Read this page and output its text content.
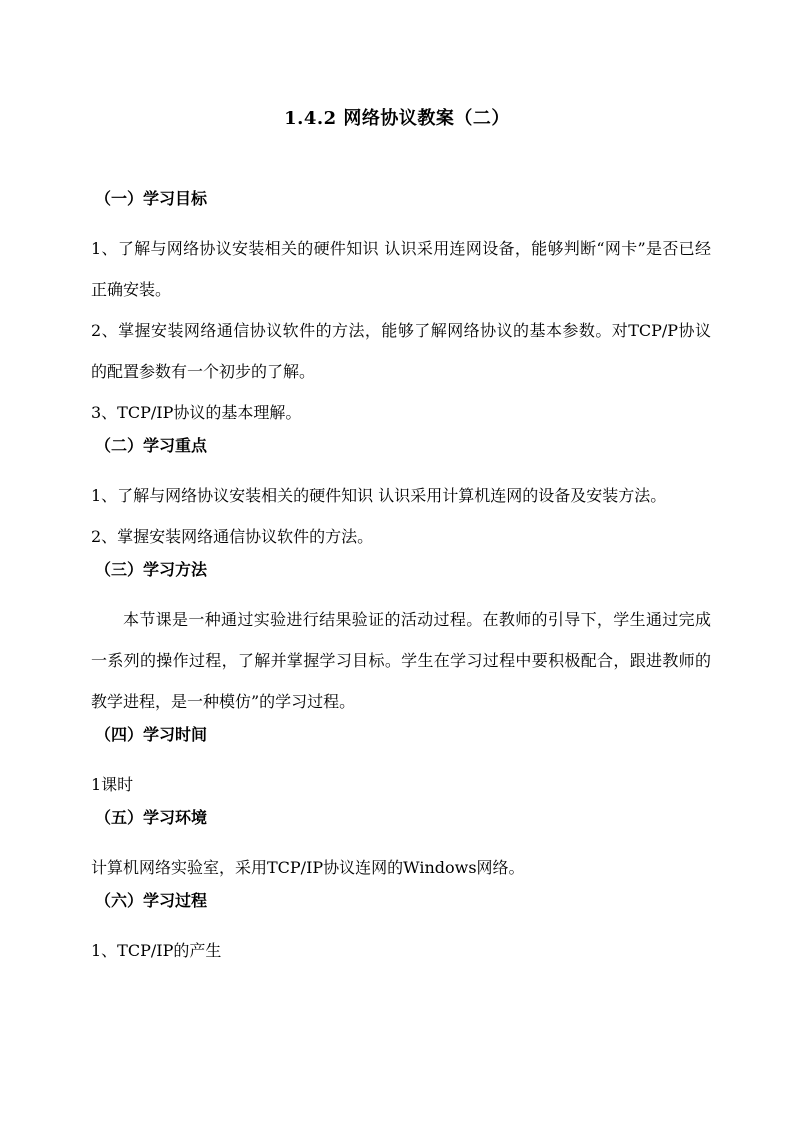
1.4.2 网络协议教案（二）
（一）学习目标

1、了解与网络协议安装相关的硬件知识 认识采用连网设备，能够判断“网卡”是否已经正确安装。

2、掌握安装网络通信协议软件的方法，能够了解网络协议的基本参数。对TCP/P协议的配置参数有一个初步的了解。

3、TCP/IP协议的基本理解。

（二）学习重点

1、了解与网络协议安装相关的硬件知识 认识采用计算机连网的设备及安装方法。

2、掌握安装网络通信协议软件的方法。

（三）学习方法

本节课是一种通过实验进行结果验证的活动过程。在教师的引导下，学生通过完成一系列的操作过程，了解并掌握学习目标。学生在学习过程中要积极配合，跟进教师的教学进程，是一种模仿”的学习过程。

（四）学习时间

1课时

（五）学习环境

计算机网络实验室，采用TCP/IP协议连网的Windows网络。

（六）学习过程

1、TCP/IP的产生
